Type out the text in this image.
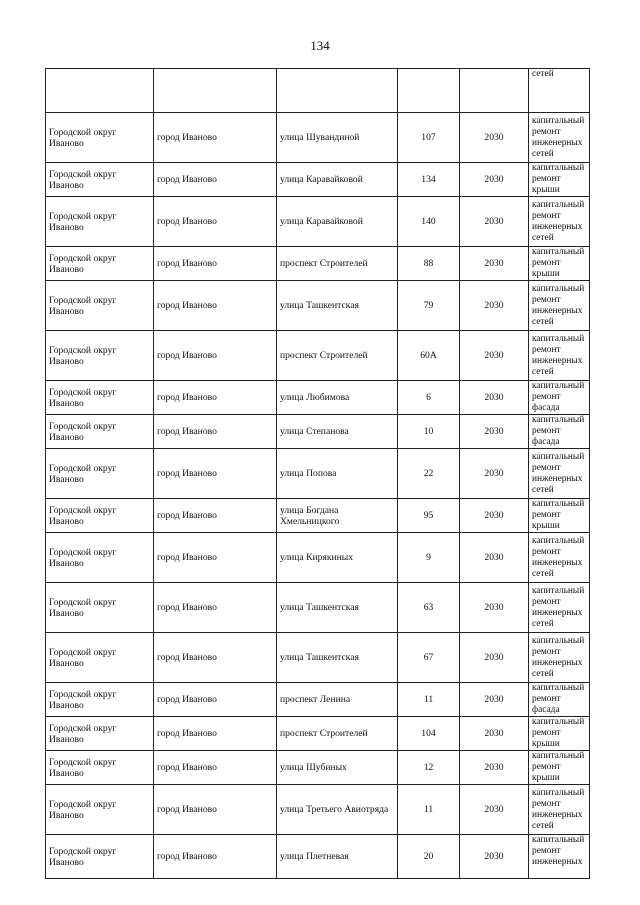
134
					сетей
Городской округ Иваново	город Иваново	улица Шувандиной	107	2030	капитальный ремонт инженерных сетей
Городской округ Иваново	город Иваново	улица Каравайковой	134	2030	капитальный ремонт крыши
Городской округ Иваново	город Иваново	улица Каравайковой	140	2030	капитальный ремонт инженерных сетей
Городской округ Иваново	город Иваново	проспект Строителей	88	2030	капитальный ремонт крыши
Городской округ Иваново	город Иваново	улица Ташкентская	79	2030	капитальный ремонт инженерных сетей
Городской округ Иваново	город Иваново	проспект Строителей	60А	2030	капитальный ремонт инженерных сетей
Городской округ Иваново	город Иваново	улица Любимова	6	2030	капитальный ремонт фасада
Городской округ Иваново	город Иваново	улица Степанова	10	2030	капитальный ремонт фасада
Городской округ Иваново	город Иваново	улица Попова	22	2030	капитальный ремонт инженерных сетей
Городской округ Иваново	город Иваново	улица Богдана Хмельницкого	95	2030	капитальный ремонт крыши
Городской округ Иваново	город Иваново	улица Кирякиных	9	2030	капитальный ремонт инженерных сетей
Городской округ Иваново	город Иваново	улица Ташкентская	63	2030	капитальный ремонт инженерных сетей
Городской округ Иваново	город Иваново	улица Ташкентская	67	2030	капитальный ремонт инженерных сетей
Городской округ Иваново	город Иваново	проспект Ленина	11	2030	капитальный ремонт фасада
Городской округ Иваново	город Иваново	проспект Строителей	104	2030	капитальный ремонт крыши
Городской округ Иваново	город Иваново	улица Шубиных	12	2030	капитальный ремонт крыши
Городской округ Иваново	город Иваново	улица Третьего Авиотряда	11	2030	капитальный ремонт инженерных сетей
Городской округ Иваново	город Иваново	улица Плетневая	20	2030	капитальный ремонт инженерных
